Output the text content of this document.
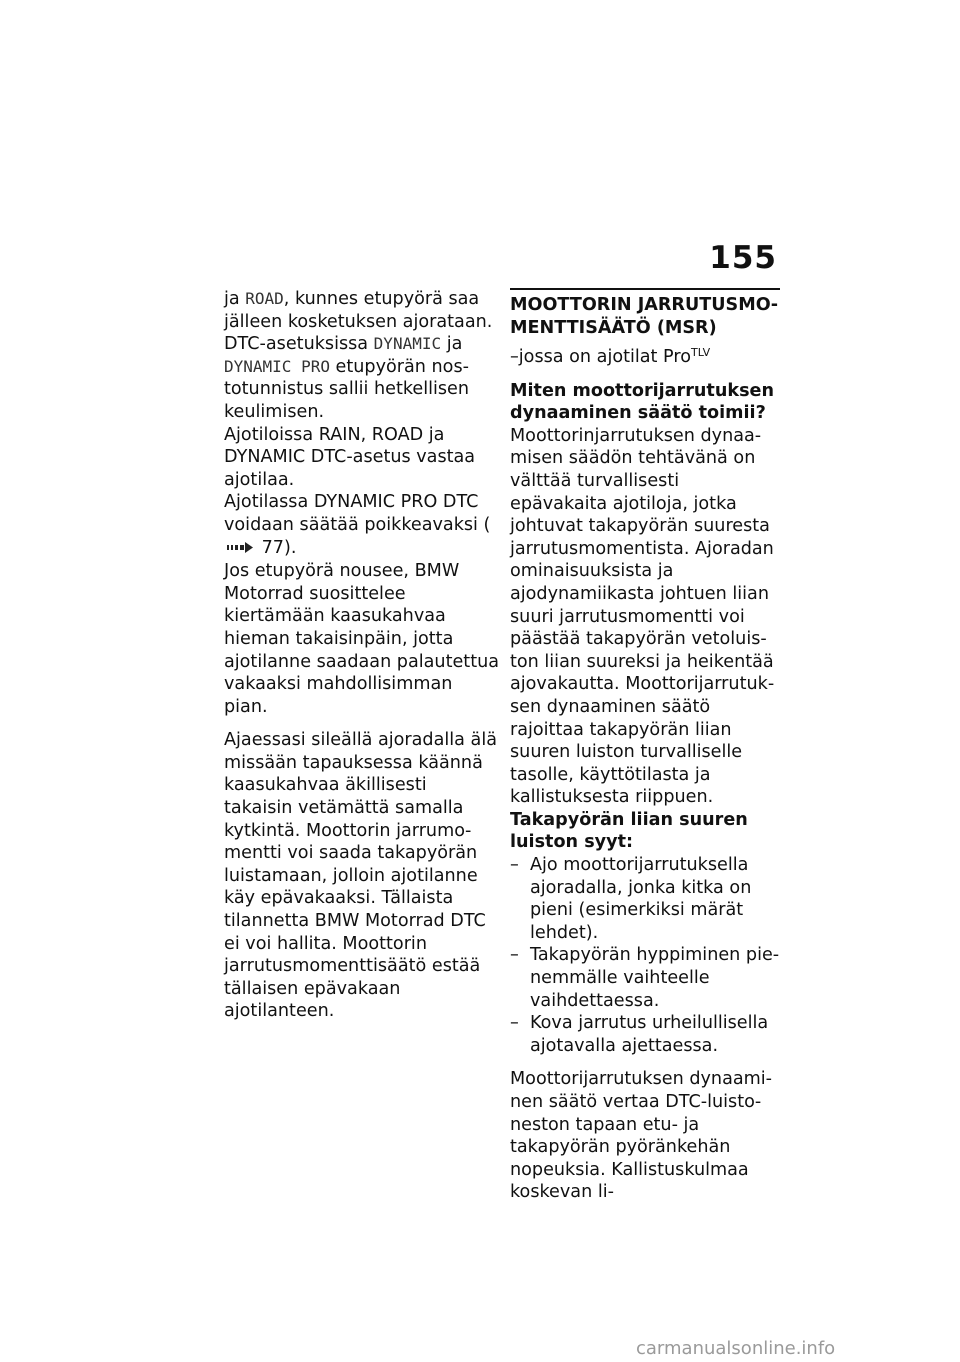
155

ja ROAD, kunnes etupyörä saa jälleen kosketuksen ajorataan. DTC-asetuksissa DYNAMIC ja DYNAMIC PRO etupyörän nostotunnistus sallii hetkellisen keulimisen.

Ajotiloissa RAIN, ROAD ja DYNAMIC DTC-asetus vastaa ajotilaa.

Ajotilassa DYNAMIC PRO DTC voidaan säätää poikkeavaksi ( 77).

Jos etupyörä nousee, BMW Motorrad suosittelee kiertämään kaasukahvaa hieman takaisinpäin, jotta ajotilanne saadaan palautettua vakaaksi mahdollisimman pian.

Ajaessasi sileällä ajoradalla älä missään tapauksessa käännä kaasukahvaa äkillisesti takaisin vetämättä samalla kytkintä. Moottorin jarrumomentti voi saada takapyörän luistamaan, jolloin ajotilanne käy epävakaaksi. Tällaista tilannetta BMW Motorrad DTC ei voi hallita. Moottorin jarrutusmomenttisäätö estää tällaisen epävakaan ajotilanteen.

MOOTTORIN JARRUTUSMOMENTTISÄÄTÖ (MSR)

–jossa on ajotilat Pro$^{TLV}$

Miten moottorijarrutuksen dynaaminen säätö toimii?

Moottorinjarrutuksen dynaamisen säädön tehtävänä on välttää turvallisesti epävakaita ajotiloja, jotka johtuvat takapyörän suuresta jarrutusmomentista. Ajoradan ominaisuuksista ja ajodynamiikasta johtuen liian suuri jarrutusmomentti voi päästää takapyörän vetoluiston liian suureksi ja heikentää ajovakautta. Moottorijarrutuksen dynaaminen säätö rajoittaa takapyörän liian suuren luiston turvalliselle tasolle, käyttötilasta ja kallistuksesta riippuen.

Takapyörän liian suuren luiston syyt:

– Ajo moottorijarrutuksella ajoradalla, jonka kitka on pieni (esimerkiksi märät lehdet).
– Takapyörän hyppiminen pienemmälle vaihteelle vaihdettaessa.
– Kova jarrutus urheilullisella ajotavalla ajettaessa.

Moottorijarrutuksen dynaaminen säätö vertaa DTC-luistoneston tapaan etu- ja takapyörän pyöränkehän nopeuksia. Kallistuskulmaa koskevan li-

carmanualsonline.info
